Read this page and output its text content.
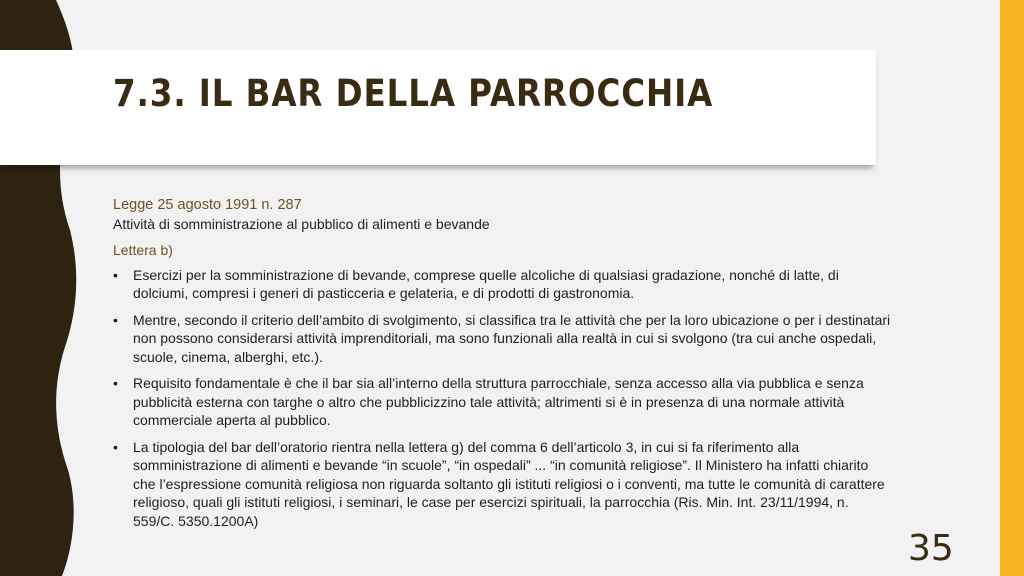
7.3. IL BAR DELLA PARROCCHIA

Legge 25 agosto 1991 n. 287

Attività di somministrazione al pubblico di alimenti e bevande

Lettera b)

• Esercizi per la somministrazione di bevande, comprese quelle alcoliche di qualsiasi gradazione, nonché di latte, di dolciumi, compresi i generi di pasticceria e gelateria, e di prodotti di gastronomia.
• Mentre, secondo il criterio dell’ambito di svolgimento, si classifica tra le attività che per la loro ubicazione o per i destinatari non possono considerarsi attività imprenditoriali, ma sono funzionali alla realtà in cui si svolgono (tra cui anche ospedali, scuole, cinema, alberghi, etc.).
• Requisito fondamentale è che il bar sia all’interno della struttura parrocchiale, senza accesso alla via pubblica e senza pubblicità esterna con targhe o altro che pubblicizzino tale attività; altrimenti si è in presenza di una normale attività commerciale aperta al pubblico.
• La tipologia del bar dell’oratorio rientra nella lettera g) del comma 6 dell’articolo 3, in cui si fa riferimento alla somministrazione di alimenti e bevande “in scuole”, “in ospedali” ... “in comunità religiose”. Il Ministero ha infatti chiarito che l’espressione comunità religiosa non riguarda soltanto gli istituti religiosi o i conventi, ma tutte le comunità di carattere religioso, quali gli istituti religiosi, i seminari, le case per esercizi spirituali, la parrocchia (Ris. Min. Int. 23/11/1994, n. 559/C. 5350.1200A)

35
